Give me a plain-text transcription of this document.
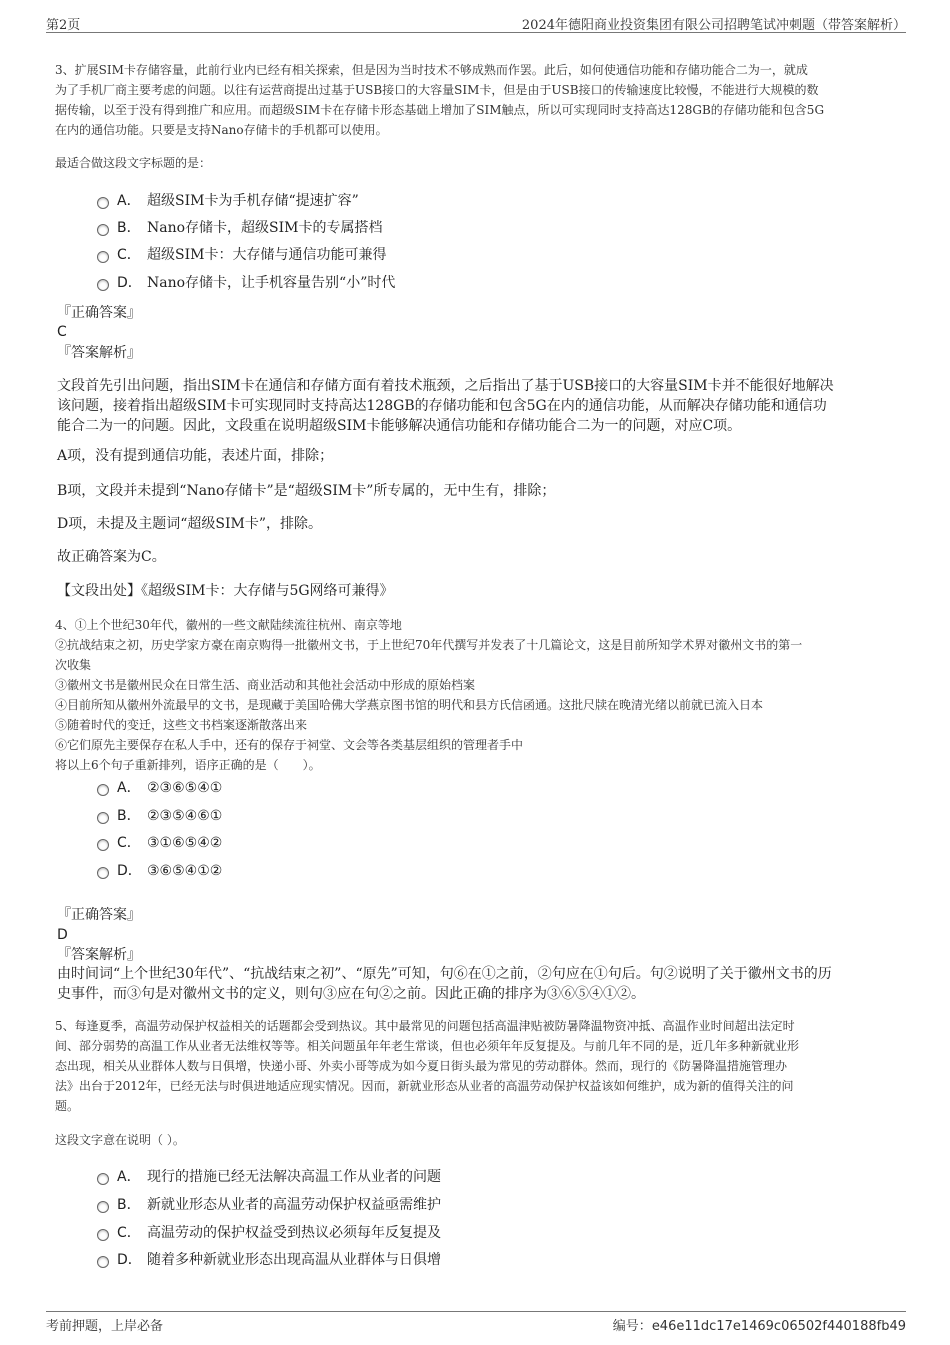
第2页	2024年德阳商业投资集团有限公司招聘笔试冲刺题（带答案解析）
3、扩展SIM卡存储容量，此前行业内已经有相关探索，但是因为当时技术不够成熟而作罢。此后，如何使通信功能和存储功能合二为一，就成
为了手机厂商主要考虑的问题。以往有运营商提出过基于USB接口的大容量SIM卡，但是由于USB接口的传输速度比较慢，不能进行大规模的数
据传输，以至于没有得到推广和应用。而超级SIM卡在存储卡形态基础上增加了SIM触点，所以可实现同时支持高达128GB的存储功能和包含5G
在内的通信功能。只要是支持Nano存储卡的手机都可以使用。
最适合做这段文字标题的是：
A． 超级SIM卡为手机存储“提速扩容”
B． Nano存储卡，超级SIM卡的专属搭档
C． 超级SIM卡：大存储与通信功能可兼得
D． Nano存储卡，让手机容量告别“小”时代
『正确答案』
C
『答案解析』
文段首先引出问题，指出SIM卡在通信和存储方面有着技术瓶颈，之后指出了基于USB接口的大容量SIM卡并不能很好地解决
该问题，接着指出超级SIM卡可实现同时支持高达128GB的存储功能和包含5G在内的通信功能，从而解决存储功能和通信功
能合二为一的问题。因此，文段重在说明超级SIM卡能够解决通信功能和存储功能合二为一的问题，对应C项。
A项，没有提到通信功能，表述片面，排除；
B项，文段并未提到“Nano存储卡”是“超级SIM卡”所专属的，无中生有，排除；
D项，未提及主题词“超级SIM卡”，排除。
故正确答案为C。
【文段出处】《超级SIM卡：大存储与5G网络可兼得》
4、①上个世纪30年代，徽州的一些文献陆续流往杭州、南京等地
②抗战结束之初，历史学家方豪在南京购得一批徽州文书，于上世纪70年代撰写并发表了十几篇论文，这是目前所知学术界对徽州文书的第一
次收集
③徽州文书是徽州民众在日常生活、商业活动和其他社会活动中形成的原始档案
④目前所知从徽州外流最早的文书，是现藏于美国哈佛大学燕京图书馆的明代和县方氏信函通。这批尺牍在晚清光绪以前就已流入日本
⑤随着时代的变迁，这些文书档案逐渐散落出来
⑥它们原先主要保存在私人手中，还有的保存于祠堂、文会等各类基层组织的管理者手中
将以上6个句子重新排列，语序正确的是（　　）。
A． ②③⑥⑤④①
B． ②③⑤④⑥①
C． ③①⑥⑤④②
D． ③⑥⑤④①②
『正确答案』
D
『答案解析』
由时间词“上个世纪30年代”、“抗战结束之初”、“原先”可知，句⑥在①之前，②句应在①句后。句②说明了关于徽州文书的历
史事件，而③句是对徽州文书的定义，则句③应在句②之前。因此正确的排序为③⑥⑤④①②。
5、每逢夏季，高温劳动保护权益相关的话题都会受到热议。其中最常见的问题包括高温津贴被防暑降温物资冲抵、高温作业时间超出法定时
间、部分弱势的高温工作从业者无法维权等等。相关问题虽年年老生常谈，但也必须年年反复提及。与前几年不同的是，近几年多种新就业形
态出现，相关从业群体人数与日俱增，快递小哥、外卖小哥等成为如今夏日街头最为常见的劳动群体。然而，现行的《防暑降温措施管理办
法》出台于2012年，已经无法与时俱进地适应现实情况。因而，新就业形态从业者的高温劳动保护权益该如何维护，成为新的值得关注的问
题。
这段文字意在说明（ ）。
A． 现行的措施已经无法解决高温工作从业者的问题
B． 新就业形态从业者的高温劳动保护权益亟需维护
C． 高温劳动的保护权益受到热议必须每年反复提及
D． 随着多种新就业形态出现高温从业群体与日俱增
考前押题，上岸必备	编号：e46e11dc17e1469c06502f440188fb49
